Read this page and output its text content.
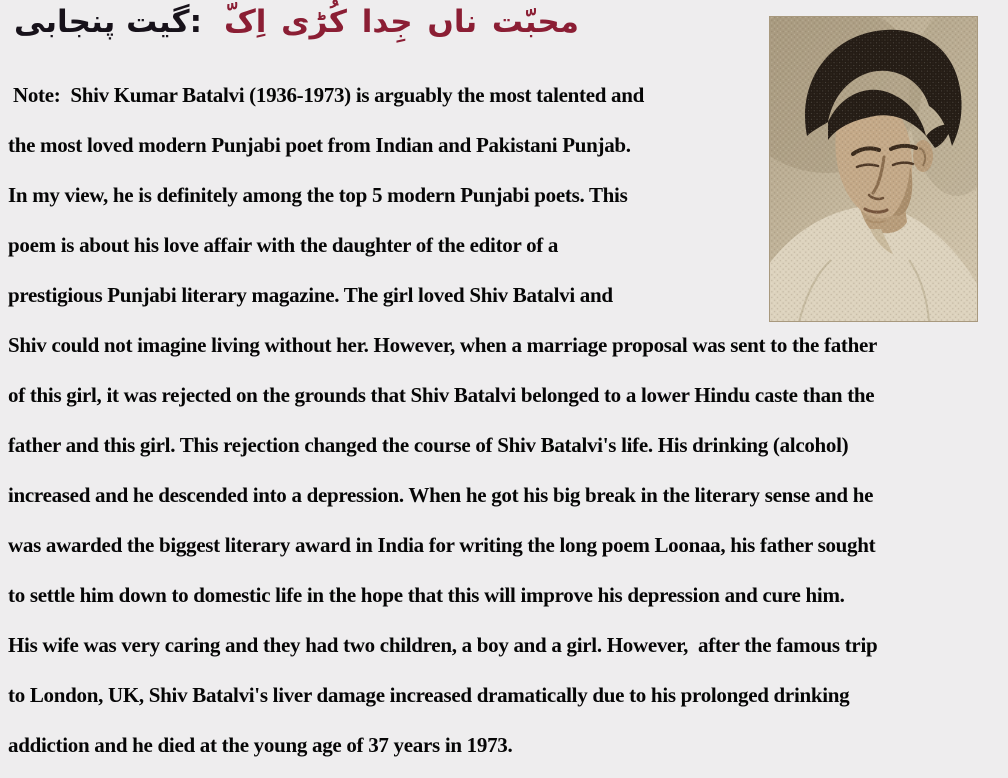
پنجابی گیت: اِکّ کُڑی جِدا ناں محبّت
Note:  Shiv Kumar Batalvi (1936-1973) is arguably the most talented and
the most loved modern Punjabi poet from Indian and Pakistani Punjab.
In my view, he is definitely among the top 5 modern Punjabi poets. This
poem is about his love affair with the daughter of the editor of a
prestigious Punjabi literary magazine. The girl loved Shiv Batalvi and
Shiv could not imagine living without her. However, when a marriage proposal was sent to the father
of this girl, it was rejected on the grounds that Shiv Batalvi belonged to a lower Hindu caste than the
father and this girl. This rejection changed the course of Shiv Batalvi's life. His drinking (alcohol)
increased and he descended into a depression. When he got his big break in the literary sense and he
was awarded the biggest literary award in India for writing the long poem Loonaa, his father sought
to settle him down to domestic life in the hope that this will improve his depression and cure him.
His wife was very caring and they had two children, a boy and a girl. However,  after the famous trip
to London, UK, Shiv Batalvi's liver damage increased dramatically due to his prolonged drinking
addiction and he died at the young age of 37 years in 1973.
